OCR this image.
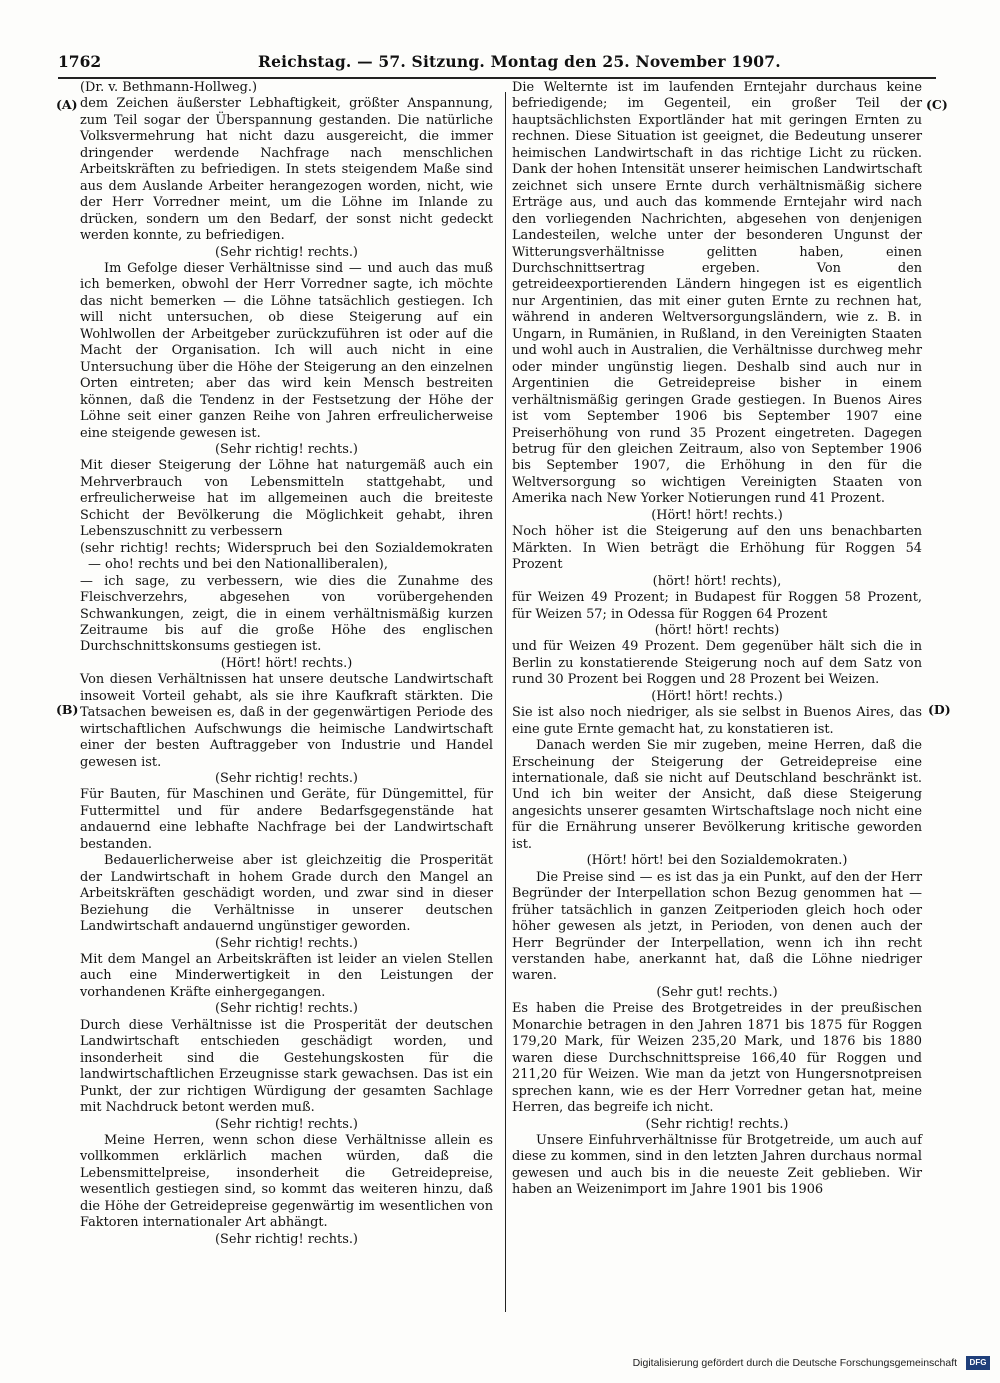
1762	Reichstag. — 57. Sitzung. Montag den 25. November 1907.
(A)
(B)
(C)
(D)

(Dr. v. Bethmann-Hollweg.)

dem Zeichen äußerster Lebhaftigkeit, größter Anspannung, zum Teil sogar der Überspannung gestanden. Die natürliche Volksvermehrung hat nicht dazu ausgereicht, die immer dringender werdende Nachfrage nach menschlichen Arbeitskräften zu befriedigen. In stets steigendem Maße sind aus dem Auslande Arbeiter herangezogen worden, nicht, wie der Herr Vorredner meint, um die Löhne im Inlande zu drücken, sondern um den Bedarf, der sonst nicht gedeckt werden konnte, zu befriedigen.

(Sehr richtig! rechts.)

Im Gefolge dieser Verhältnisse sind — und auch das muß ich bemerken, obwohl der Herr Vorredner sagte, ich möchte das nicht bemerken — die Löhne tatsächlich gestiegen. Ich will nicht untersuchen, ob diese Steigerung auf ein Wohlwollen der Arbeitgeber zurückzuführen ist oder auf die Macht der Organisation. Ich will auch nicht in eine Untersuchung über die Höhe der Steigerung an den einzelnen Orten eintreten; aber das wird kein Mensch bestreiten können, daß die Tendenz in der Festsetzung der Höhe der Löhne seit einer ganzen Reihe von Jahren erfreulicherweise eine steigende gewesen ist.

(Sehr richtig! rechts.)

Mit dieser Steigerung der Löhne hat naturgemäß auch ein Mehrverbrauch von Lebensmitteln stattgehabt, und erfreulicherweise hat im allgemeinen auch die breiteste Schicht der Bevölkerung die Möglichkeit gehabt, ihren Lebenszuschnitt zu verbessern

(sehr richtig! rechts; Widerspruch bei den Sozialdemokraten — oho! rechts und bei den Nationalliberalen),

— ich sage, zu verbessern, wie dies die Zunahme des Fleischverzehrs, abgesehen von vorübergehenden Schwankungen, zeigt, die in einem verhältnismäßig kurzen Zeitraume bis auf die große Höhe des englischen Durchschnittskonsums gestiegen ist.

(Hört! hört! rechts.)

Von diesen Verhältnissen hat unsere deutsche Landwirtschaft insoweit Vorteil gehabt, als sie ihre Kaufkraft stärkten. Die Tatsachen beweisen es, daß in der gegenwärtigen Periode des wirtschaftlichen Aufschwungs die heimische Landwirtschaft einer der besten Auftraggeber von Industrie und Handel gewesen ist.

(Sehr richtig! rechts.)

Für Bauten, für Maschinen und Geräte, für Düngemittel, für Futtermittel und für andere Bedarfsgegenstände hat andauernd eine lebhafte Nachfrage bei der Landwirtschaft bestanden.

Bedauerlicherweise aber ist gleichzeitig die Prosperität der Landwirtschaft in hohem Grade durch den Mangel an Arbeitskräften geschädigt worden, und zwar sind in dieser Beziehung die Verhältnisse in unserer deutschen Landwirtschaft andauernd ungünstiger geworden.

(Sehr richtig! rechts.)

Mit dem Mangel an Arbeitskräften ist leider an vielen Stellen auch eine Minderwertigkeit in den Leistungen der vorhandenen Kräfte einhergegangen.

(Sehr richtig! rechts.)

Durch diese Verhältnisse ist die Prosperität der deutschen Landwirtschaft entschieden geschädigt worden, und insonderheit sind die Gestehungskosten für die landwirtschaftlichen Erzeugnisse stark gewachsen. Das ist ein Punkt, der zur richtigen Würdigung der gesamten Sachlage mit Nachdruck betont werden muß.

(Sehr richtig! rechts.)

Meine Herren, wenn schon diese Verhältnisse allein es vollkommen erklärlich machen würden, daß die Lebensmittelpreise, insonderheit die Getreidepreise, wesentlich gestiegen sind, so kommt das weiteren hinzu, daß die Höhe der Getreidepreise gegenwärtig im wesentlichen von Faktoren internationaler Art abhängt.

(Sehr richtig! rechts.)

Die Welternte ist im laufenden Erntejahr durchaus keine befriedigende; im Gegenteil, ein großer Teil der hauptsächlichsten Exportländer hat mit geringen Ernten zu rechnen. Diese Situation ist geeignet, die Bedeutung unserer heimischen Landwirtschaft in das richtige Licht zu rücken. Dank der hohen Intensität unserer heimischen Landwirtschaft zeichnet sich unsere Ernte durch verhältnismäßig sichere Erträge aus, und auch das kommende Erntejahr wird nach den vorliegenden Nachrichten, abgesehen von denjenigen Landesteilen, welche unter der besonderen Ungunst der Witterungsverhältnisse gelitten haben, einen Durchschnittsertrag ergeben. Von den getreideexportierenden Ländern hingegen ist es eigentlich nur Argentinien, das mit einer guten Ernte zu rechnen hat, während in anderen Weltversorgungsländern, wie z. B. in Ungarn, in Rumänien, in Rußland, in den Vereinigten Staaten und wohl auch in Australien, die Verhältnisse durchweg mehr oder minder ungünstig liegen. Deshalb sind auch nur in Argentinien die Getreidepreise bisher in einem verhältnismäßig geringen Grade gestiegen. In Buenos Aires ist vom September 1906 bis September 1907 eine Preiserhöhung von rund 35 Prozent eingetreten. Dagegen betrug für den gleichen Zeitraum, also von September 1906 bis September 1907, die Erhöhung in den für die Weltversorgung so wichtigen Vereinigten Staaten von Amerika nach New Yorker Notierungen rund 41 Prozent.

(Hört! hört! rechts.)

Noch höher ist die Steigerung auf den uns benachbarten Märkten. In Wien beträgt die Erhöhung für Roggen 54 Prozent

(hört! hört! rechts),

für Weizen 49 Prozent; in Budapest für Roggen 58 Prozent, für Weizen 57; in Odessa für Roggen 64 Prozent

(hört! hört! rechts)

und für Weizen 49 Prozent. Dem gegenüber hält sich die in Berlin zu konstatierende Steigerung noch auf dem Satz von rund 30 Prozent bei Roggen und 28 Prozent bei Weizen.

(Hört! hört! rechts.)

Sie ist also noch niedriger, als sie selbst in Buenos Aires, das eine gute Ernte gemacht hat, zu konstatieren ist.

Danach werden Sie mir zugeben, meine Herren, daß die Erscheinung der Steigerung der Getreidepreise eine internationale, daß sie nicht auf Deutschland beschränkt ist. Und ich bin weiter der Ansicht, daß diese Steigerung angesichts unserer gesamten Wirtschaftslage noch nicht eine für die Ernährung unserer Bevölkerung kritische geworden ist.

(Hört! hört! bei den Sozialdemokraten.)

Die Preise sind — es ist das ja ein Punkt, auf den der Herr Begründer der Interpellation schon Bezug genommen hat — früher tatsächlich in ganzen Zeitperioden gleich hoch oder höher gewesen als jetzt, in Perioden, von denen auch der Herr Begründer der Interpellation, wenn ich ihn recht verstanden habe, anerkannt hat, daß die Löhne niedriger waren.

(Sehr gut! rechts.)

Es haben die Preise des Brotgetreides in der preußischen Monarchie betragen in den Jahren 1871 bis 1875 für Roggen 179,20 Mark, für Weizen 235,20 Mark, und 1876 bis 1880 waren diese Durchschnittspreise 166,40 für Roggen und 211,20 für Weizen. Wie man da jetzt von Hungersnotpreisen sprechen kann, wie es der Herr Vorredner getan hat, meine Herren, das begreife ich nicht.

(Sehr richtig! rechts.)

Unsere Einfuhrverhältnisse für Brotgetreide, um auch auf diese zu kommen, sind in den letzten Jahren durchaus normal gewesen und auch bis in die neueste Zeit geblieben. Wir haben an Weizenimport im Jahre 1901 bis 1906

Digitalisierung gefördert durch die Deutsche Forschungsgemeinschaft DFG
